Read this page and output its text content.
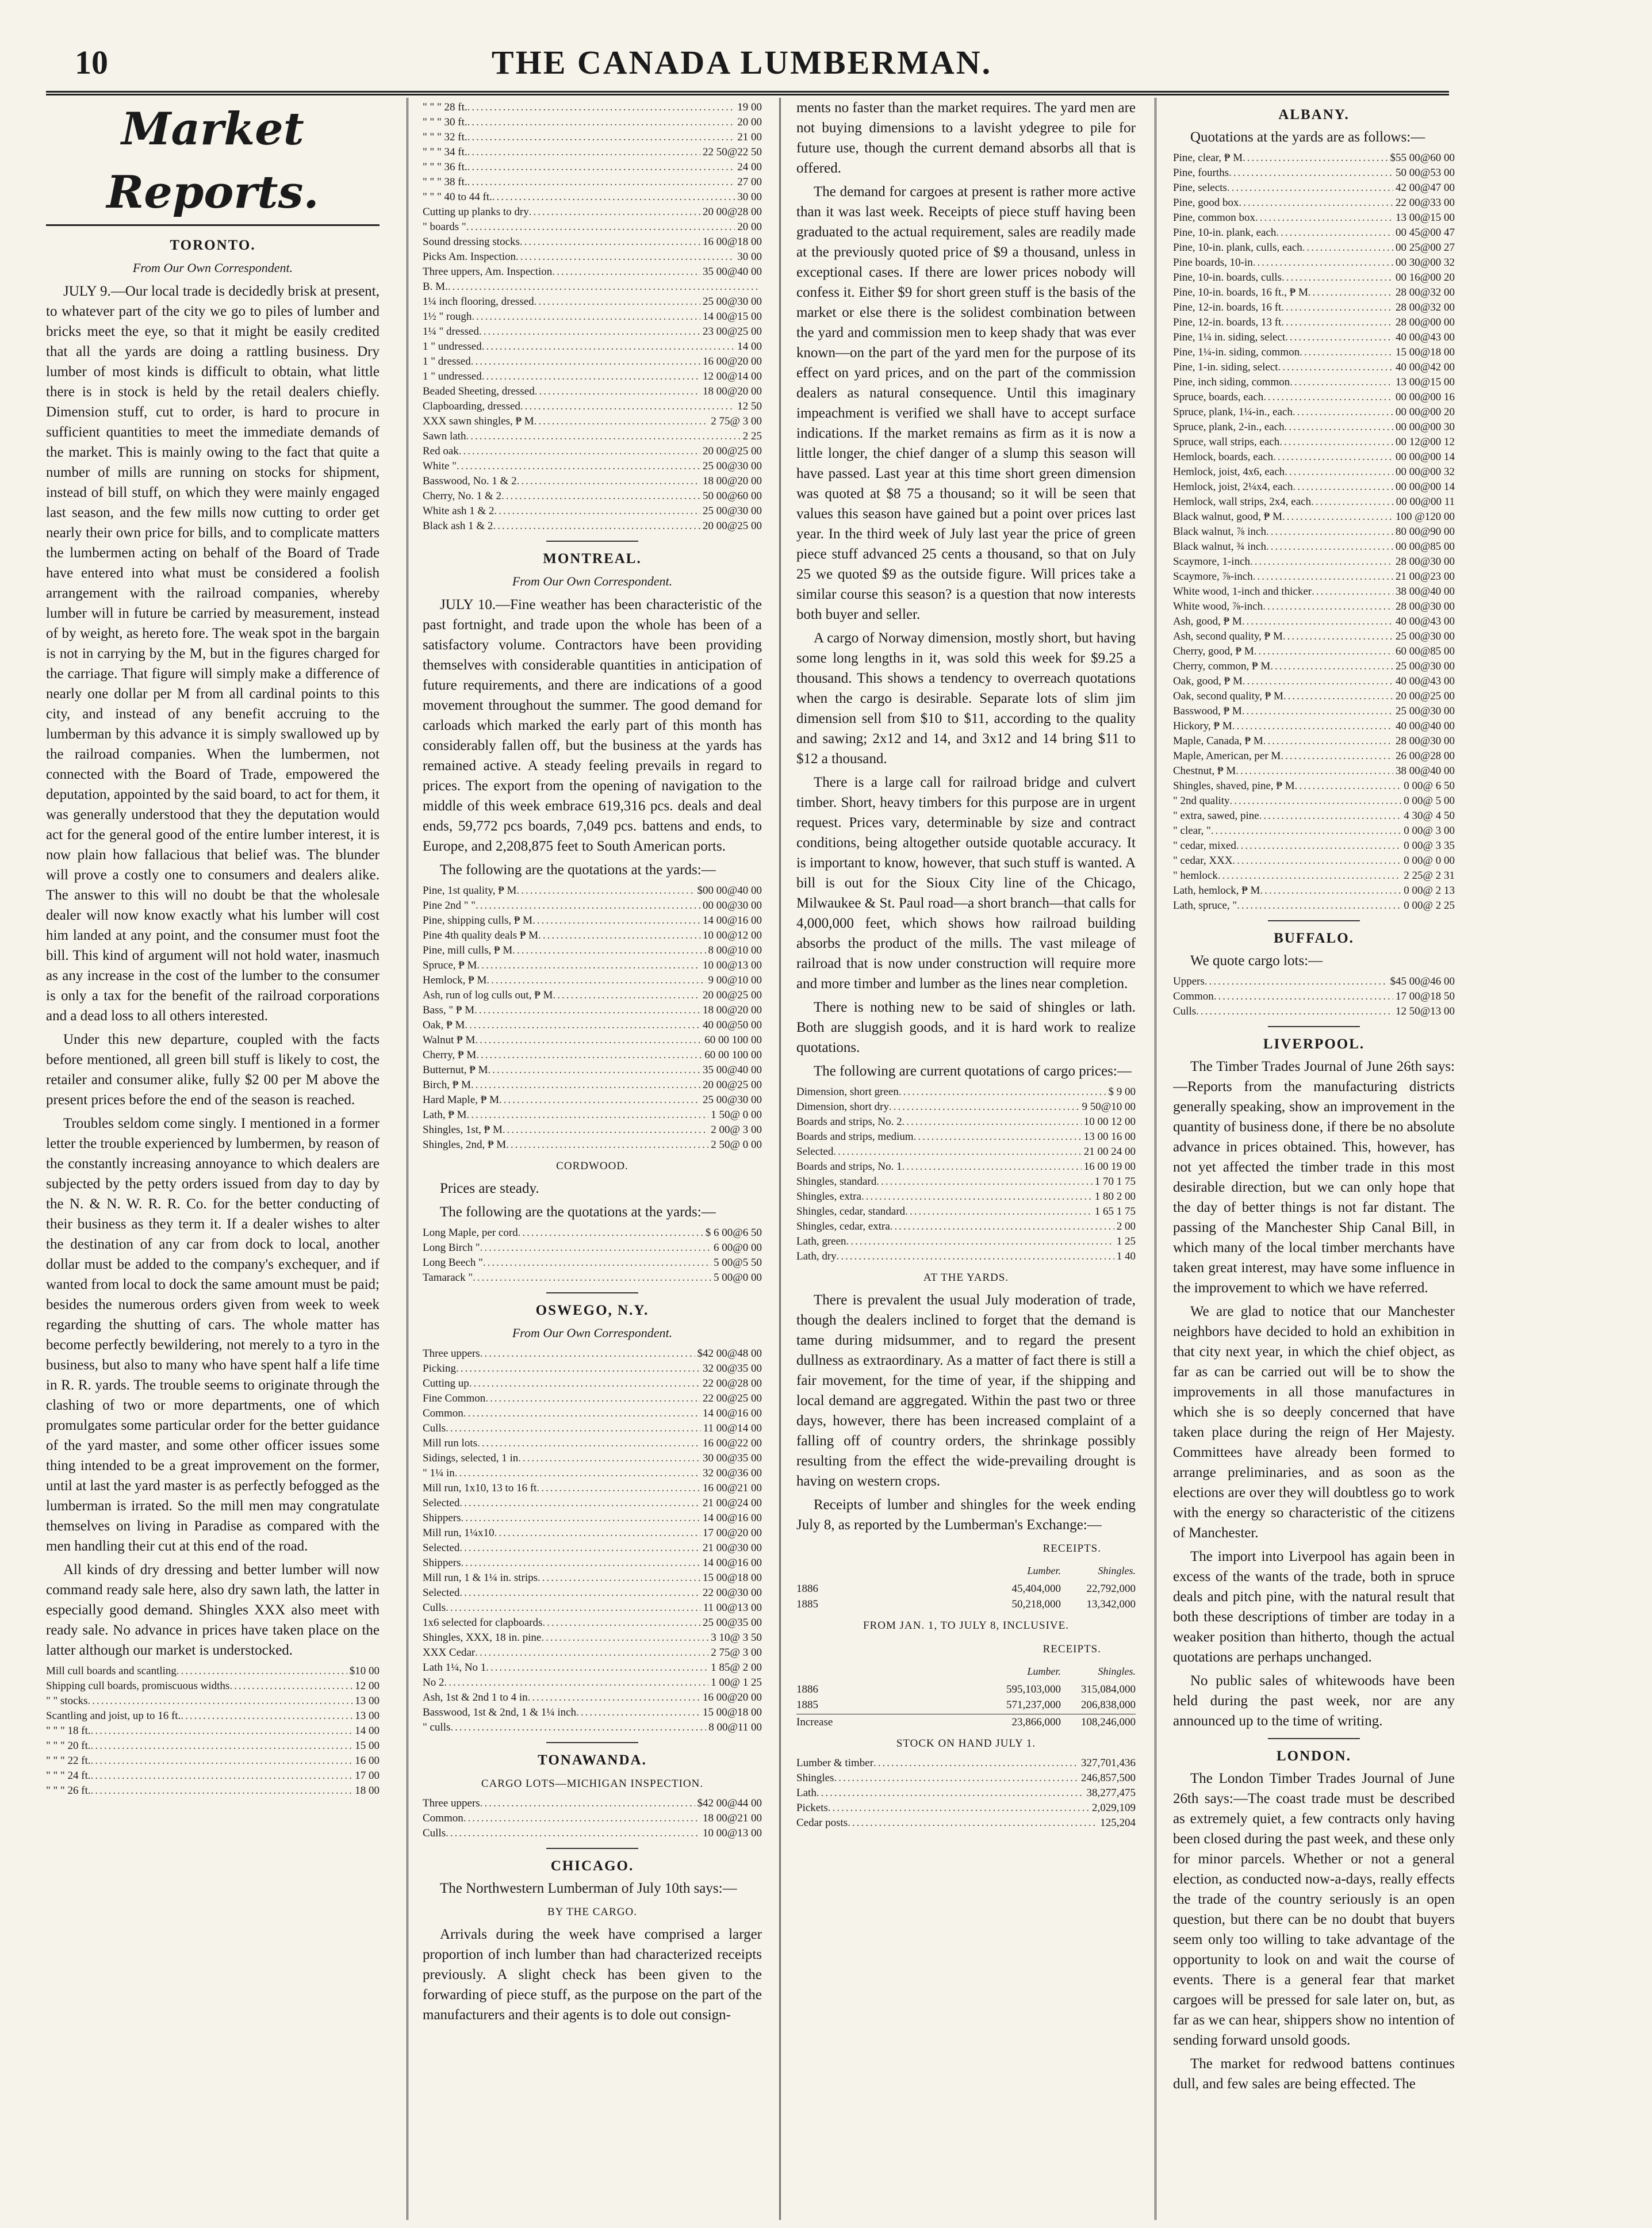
10	THE CANADA LUMBERMAN.
Market Reports.
TORONTO.
From Our Own Correspondent.

JULY 9.—Our local trade is decidedly brisk at present, to whatever part of the city we go to piles of lumber and bricks meet the eye, so that it might be easily credited that all the yards are doing a rattling business. Dry lumber of most kinds is difficult to obtain, what little there is in stock is held by the retail dealers chiefly. Dimension stuff, cut to order, is hard to procure in sufficient quantities to meet the immediate demands of the market. This is mainly owing to the fact that quite a number of mills are running on stocks for shipment, instead of bill stuff, on which they were mainly engaged last season, and the few mills now cutting to order get nearly their own price for bills, and to complicate matters the lumbermen acting on behalf of the Board of Trade have entered into what must be considered a foolish arrangement with the railroad companies, whereby lumber will in future be carried by measurement, instead of by weight, as hereto fore. The weak spot in the bargain is not in carrying by the M, but in the figures charged for the carriage. That figure will simply make a difference of nearly one dollar per M from all cardinal points to this city, and instead of any benefit accruing to the lumberman by this advance it is simply swallowed up by the railroad companies. When the lumbermen, not connected with the Board of Trade, empowered the deputation, appointed by the said board, to act for them, it was generally understood that they the deputation would act for the general good of the entire lumber interest, it is now plain how fallacious that belief was. The blunder will prove a costly one to consumers and dealers alike. The answer to this will no doubt be that the wholesale dealer will now know exactly what his lumber will cost him landed at any point, and the consumer must foot the bill. This kind of argument will not hold water, inasmuch as any increase in the cost of the lumber to the consumer is only a tax for the benefit of the railroad corporations and a dead loss to all others interested.

Under this new departure, coupled with the facts before mentioned, all green bill stuff is likely to cost, the retailer and consumer alike, fully $2 00 per M above the present prices before the end of the season is reached.

Troubles seldom come singly. I mentioned in a former letter the trouble experienced by lumbermen, by reason of the constantly increasing annoyance to which dealers are subjected by the petty orders issued from day to day by the N. & N. W. R. R. Co. for the better conducting of their business as they term it. If a dealer wishes to alter the destination of any car from dock to local, another dollar must be added to the company's exchequer, and if wanted from local to dock the same amount must be paid; besides the numerous orders given from week to week regarding the shutting of cars. The whole matter has become perfectly bewildering, not merely to a tyro in the business, but also to many who have spent half a life time in R. R. yards. The trouble seems to originate through the clashing of two or more departments, one of which promulgates some particular order for the better guidance of the yard master, and some other officer issues some thing intended to be a great improvement on the former, until at last the yard master is as perfectly befogged as the lumberman is irrated. So the mill men may congratulate themselves on living in Paradise as compared with the men handling their cut at this end of the road.

All kinds of dry dressing and better lumber will now command ready sale here, also dry sawn lath, the latter in especially good demand. Shingles XXX also meet with ready sale. No advance in prices have taken place on the latter although our market is understocked.

Mill cull boards and scantling .....	$10 00
Shipping cull boards, promiscuous widths .....	12 00
" " stocks .....	13 00
Scantling and joist, up to 16 ft. .....	13 00
" " " 18 ft. .....	14 00
" " " 20 ft. .....	15 00
" " " 22 ft. .....	16 00
" " " 24 ft. .....	17 00
" " " 26 ft. .....	18 00
" " " 28 ft. .....	19 00
" " " 30 ft. .....	20 00
" " " 32 ft. .....	21 00
" " " 34 ft. .....	22 50@22 50
" " " 36 ft. .....	24 00
" " " 38 ft. .....	27 00
" " " 40 to 44 ft. .....	30 00
Cutting up planks to dry .....	20 00@28 00
" boards " .....	20 00
Sound dressing stocks .....	16 00@18 00
Picks Am. Inspection .....	30 00
Three uppers, Am. Inspection .....	35 00@40 00
B. M.
.....
1¼ inch flooring, dressed .....	25 00@30 00
1½ " rough .....	14 00@15 00
1¼ " dressed .....	23 00@25 00
1 " undressed .....	14 00
1 " dressed .....	16 00@20 00
1 " undressed .....	12 00@14 00
Beaded Sheeting, dressed .....	18 00@20 00
Clapboarding, dressed .....	12 50
XXX sawn shingles, ₱ M .....	2 75@ 3 00
Sawn lath .....	2 25
Red oak .....	20 00@25 00
White " .....	25 00@30 00
Basswood, No. 1 & 2 .....	18 00@20 00
Cherry, No. 1 & 2 .....	50 00@60 00
White ash 1 & 2 .....	25 00@30 00
Black ash 1 & 2 .....	20 00@25 00
MONTREAL.
From Our Own Correspondent.

JULY 10.—Fine weather has been characteristic of the past fortnight, and trade upon the whole has been of a satisfactory volume. Contractors have been providing themselves with considerable quantities in anticipation of future requirements, and there are indications of a good movement throughout the summer. The good demand for carloads which marked the early part of this month has considerably fallen off, but the business at the yards has remained active. A steady feeling prevails in regard to prices. The export from the opening of navigation to the middle of this week embrace 619,316 pcs. deals and deal ends, 59,772 pcs boards, 7,049 pcs. battens and ends, to Europe, and 2,208,875 feet to South American ports.

The following are the quotations at the yards:—

Pine, 1st quality, ₱ M .....	$00 00@40 00
Pine 2nd " " .....	00 00@30 00
Pine, shipping culls, ₱ M .....	14 00@16 00
Pine 4th quality deals ₱ M .....	10 00@12 00
Pine, mill culls, ₱ M .....	8 00@10 00
Spruce, ₱ M .....	10 00@13 00
Hemlock, ₱ M .....	9 00@10 00
Ash, run of log culls out, ₱ M .....	20 00@25 00
Bass, " ₱ M .....	18 00@20 00
Oak, ₱ M .....	40 00@50 00
Walnut ₱ M .....	60 00 100 00
Cherry, ₱ M .....	60 00 100 00
Butternut, ₱ M .....	35 00@40 00
Birch, ₱ M .....	20 00@25 00
Hard Maple, ₱ M .....	25 00@30 00
Lath, ₱ M .....	1 50@ 0 00
Shingles, 1st, ₱ M .....	2 00@ 3 00
Shingles, 2nd, ₱ M .....	2 50@ 0 00
CORDWOOD.

Prices are steady.

The following are the quotations at the yards:—

Long Maple, per cord .....	$ 6 00@6 50
Long Birch " .....	6 00@0 00
Long Beech " .....	5 00@5 50
Tamarack " .....	5 00@0 00
OSWEGO, N.Y.
From Our Own Correspondent.
Three uppers .....	$42 00@48 00
Picking .....	32 00@35 00
Cutting up .....	22 00@28 00
Fine Common .....	22 00@25 00
Common .....	14 00@16 00
Culls .....	11 00@14 00
Mill run lots .....	16 00@22 00
Sidings, selected, 1 in .....	30 00@35 00
" 1¼ in .....	32 00@36 00
Mill run, 1x10, 13 to 16 ft .....	16 00@21 00
Selected .....	21 00@24 00
Shippers .....	14 00@16 00
Mill run, 1¼x10 .....	17 00@20 00
Selected .....	21 00@30 00
Shippers .....	14 00@16 00
Mill run, 1 & 1¼ in. strips .....	15 00@18 00
Selected .....	22 00@30 00
Culls .....	11 00@13 00
1x6 selected for clapboards .....	25 00@35 00
Shingles, XXX, 18 in. pine .....	3 10@ 3 50
XXX Cedar .....	2 75@ 3 00
Lath 1¼, No 1 .....	1 85@ 2 00
No 2 .....	1 00@ 1 25
Ash, 1st & 2nd 1 to 4 in .....	16 00@20 00
Basswood, 1st & 2nd, 1 & 1¼ inch .....	15 00@18 00
" culls .....	8 00@11 00
TONAWANDA.
CARGO LOTS—MICHIGAN INSPECTION.
Three uppers .....	$42 00@44 00
Common .....	18 00@21 00
Culls .....	10 00@13 00
CHICAGO.

The Northwestern Lumberman of July 10th says:—

BY THE CARGO.

Arrivals during the week have comprised a larger proportion of inch lumber than had characterized receipts previously. A slight check has been given to the forwarding of piece stuff, as the purpose on the part of the manufacturers and their agents is to dole out consign-

ments no faster than the market requires. The yard men are not buying dimensions to a lavisht ydegree to pile for future use, though the current demand absorbs all that is offered.

The demand for cargoes at present is rather more active than it was last week. Receipts of piece stuff having been graduated to the actual requirement, sales are readily made at the previously quoted price of $9 a thousand, unless in exceptional cases. If there are lower prices nobody will confess it. Either $9 for short green stuff is the basis of the market or else there is the solidest combination between the yard and commission men to keep shady that was ever known—on the part of the yard men for the purpose of its effect on yard prices, and on the part of the commission dealers as natural consequence. Until this imaginary impeachment is verified we shall have to accept surface indications. If the market remains as firm as it is now a little longer, the chief danger of a slump this season will have passed. Last year at this time short green dimension was quoted at $8 75 a thousand; so it will be seen that values this season have gained but a point over prices last year. In the third week of July last year the price of green piece stuff advanced 25 cents a thousand, so that on July 25 we quoted $9 as the outside figure. Will prices take a similar course this season? is a question that now interests both buyer and seller.

A cargo of Norway dimension, mostly short, but having some long lengths in it, was sold this week for $9.25 a thousand. This shows a tendency to overreach quotations when the cargo is desirable. Separate lots of slim jim dimension sell from $10 to $11, according to the quality and sawing; 2x12 and 14, and 3x12 and 14 bring $11 to $12 a thousand.

There is a large call for railroad bridge and culvert timber. Short, heavy timbers for this purpose are in urgent request. Prices vary, determinable by size and contract conditions, being altogether outside quotable accuracy. It is important to know, however, that such stuff is wanted. A bill is out for the Sioux City line of the Chicago, Milwaukee & St. Paul road—a short branch—that calls for 4,000,000 feet, which shows how railroad building absorbs the product of the mills. The vast mileage of railroad that is now under construction will require more and more timber and lumber as the lines near completion.

There is nothing new to be said of shingles or lath. Both are sluggish goods, and it is hard work to realize quotations.

The following are current quotations of cargo prices:—

Dimension, short green .....	$ 9 00
Dimension, short dry .....	9 50@10 00
Boards and strips, No. 2 .....	10 00 12 00
Boards and strips, medium .....	13 00 16 00
Selected .....	21 00 24 00
Boards and strips, No. 1 .....	16 00 19 00
Shingles, standard .....	1 70 1 75
Shingles, extra .....	1 80 2 00
Shingles, cedar, standard .....	1 65 1 75
Shingles, cedar, extra .....	2 00
Lath, green .....	1 25
Lath, dry .....	1 40
AT THE YARDS.

There is prevalent the usual July moderation of trade, though the dealers inclined to forget that the demand is tame during midsummer, and to regard the present dullness as extraordinary. As a matter of fact there is still a fair movement, for the time of year, if the shipping and local demand are aggregated. Within the past two or three days, however, there has been increased complaint of a falling off of country orders, the shrinkage possibly resulting from the effect the wide-prevailing drought is having on western crops.

Receipts of lumber and shingles for the week ending July 8, as reported by the Lumberman's Exchange:—

RECEIPTS.
Lumber.	Shingles.
1886	45,404,000	22,792,000
1885	50,218,000	13,342,000
FROM JAN. 1, TO JULY 8, INCLUSIVE.
RECEIPTS.
Lumber.	Shingles.
1886	595,103,000	315,084,000
1885	571,237,000	206,838,000
Increase	23,866,000	108,246,000
STOCK ON HAND JULY 1.
Lumber & timber .....	327,701,436
Shingles .....	246,857,500
Lath .....	38,277,475
Pickets .....	2,029,109
Cedar posts .....	125,204
ALBANY.

Quotations at the yards are as follows:—

Pine, clear, ₱ M .....	$55 00@60 00
Pine, fourths .....	50 00@53 00
Pine, selects .....	42 00@47 00
Pine, good box .....	22 00@33 00
Pine, common box .....	13 00@15 00
Pine, 10-in. plank, each .....	00 45@00 47
Pine, 10-in. plank, culls, each .....	00 25@00 27
Pine boards, 10-in .....	00 30@00 32
Pine, 10-in. boards, culls .....	00 16@00 20
Pine, 10-in. boards, 16 ft., ₱ M .....	28 00@32 00
Pine, 12-in. boards, 16 ft .....	28 00@32 00
Pine, 12-in. boards, 13 ft .....	28 00@00 00
Pine, 1¼ in. siding, select .....	40 00@43 00
Pine, 1¼-in. siding, common .....	15 00@18 00
Pine, 1-in. siding, select .....	40 00@42 00
Pine, inch siding, common .....	13 00@15 00
Spruce, boards, each .....	00 00@00 16
Spruce, plank, 1¼-in., each .....	00 00@00 20
Spruce, plank, 2-in., each .....	00 00@00 30
Spruce, wall strips, each .....	00 12@00 12
Hemlock, boards, each .....	00 00@00 14
Hemlock, joist, 4x6, each .....	00 00@00 32
Hemlock, joist, 2¼x4, each .....	00 00@00 14
Hemlock, wall strips, 2x4, each .....	00 00@00 11
Black walnut, good, ₱ M .....	100 @120 00
Black walnut, ⅞ inch .....	80 00@90 00
Black walnut, ¾ inch .....	00 00@85 00
Scaymore, 1-inch .....	28 00@30 00
Scaymore, ⅞-inch .....	21 00@23 00
White wood, 1-inch and thicker .....	38 00@40 00
White wood, ⅞-inch .....	28 00@30 00
Ash, good, ₱ M .....	40 00@43 00
Ash, second quality, ₱ M .....	25 00@30 00
Cherry, good, ₱ M .....	60 00@85 00
Cherry, common, ₱ M .....	25 00@30 00
Oak, good, ₱ M .....	40 00@43 00
Oak, second quality, ₱ M .....	20 00@25 00
Basswood, ₱ M .....	25 00@30 00
Hickory, ₱ M .....	40 00@40 00
Maple, Canada, ₱ M .....	28 00@30 00
Maple, American, per M .....	26 00@28 00
Chestnut, ₱ M .....	38 00@40 00
Shingles, shaved, pine, ₱ M .....	0 00@ 6 50
" 2nd quality .....	0 00@ 5 00
" extra, sawed, pine .....	4 30@ 4 50
" clear, " .....	0 00@ 3 00
" cedar, mixed .....	0 00@ 3 35
" cedar, XXX .....	0 00@ 0 00
" hemlock .....	2 25@ 2 31
Lath, hemlock, ₱ M .....	0 00@ 2 13
Lath, spruce, " .....	0 00@ 2 25
BUFFALO.

We quote cargo lots:—

Uppers .....	$45 00@46 00
Common .....	17 00@18 50
Culls .....	12 50@13 00
LIVERPOOL.

The Timber Trades Journal of June 26th says:—Reports from the manufacturing districts generally speaking, show an improvement in the quantity of business done, if there be no absolute advance in prices obtained. This, however, has not yet affected the timber trade in this most desirable direction, but we can only hope that the day of better things is not far distant. The passing of the Manchester Ship Canal Bill, in which many of the local timber merchants have taken great interest, may have some influence in the improvement to which we have referred.

We are glad to notice that our Manchester neighbors have decided to hold an exhibition in that city next year, in which the chief object, as far as can be carried out will be to show the improvements in all those manufactures in which she is so deeply concerned that have taken place during the reign of Her Majesty. Committees have already been formed to arrange preliminaries, and as soon as the elections are over they will doubtless go to work with the energy so characteristic of the citizens of Manchester.

The import into Liverpool has again been in excess of the wants of the trade, both in spruce deals and pitch pine, with the natural result that both these descriptions of timber are today in a weaker position than hitherto, though the actual quotations are perhaps unchanged.

No public sales of whitewoods have been held during the past week, nor are any announced up to the time of writing.

LONDON.

The London Timber Trades Journal of June 26th says:—The coast trade must be described as extremely quiet, a few contracts only having been closed during the past week, and these only for minor parcels. Whether or not a general election, as conducted now-a-days, really effects the trade of the country seriously is an open question, but there can be no doubt that buyers seem only too willing to take advantage of the opportunity to look on and wait the course of events. There is a general fear that market cargoes will be pressed for sale later on, but, as far as we can hear, shippers show no intention of sending forward unsold goods.

The market for redwood battens continues dull, and few sales are being effected. The
